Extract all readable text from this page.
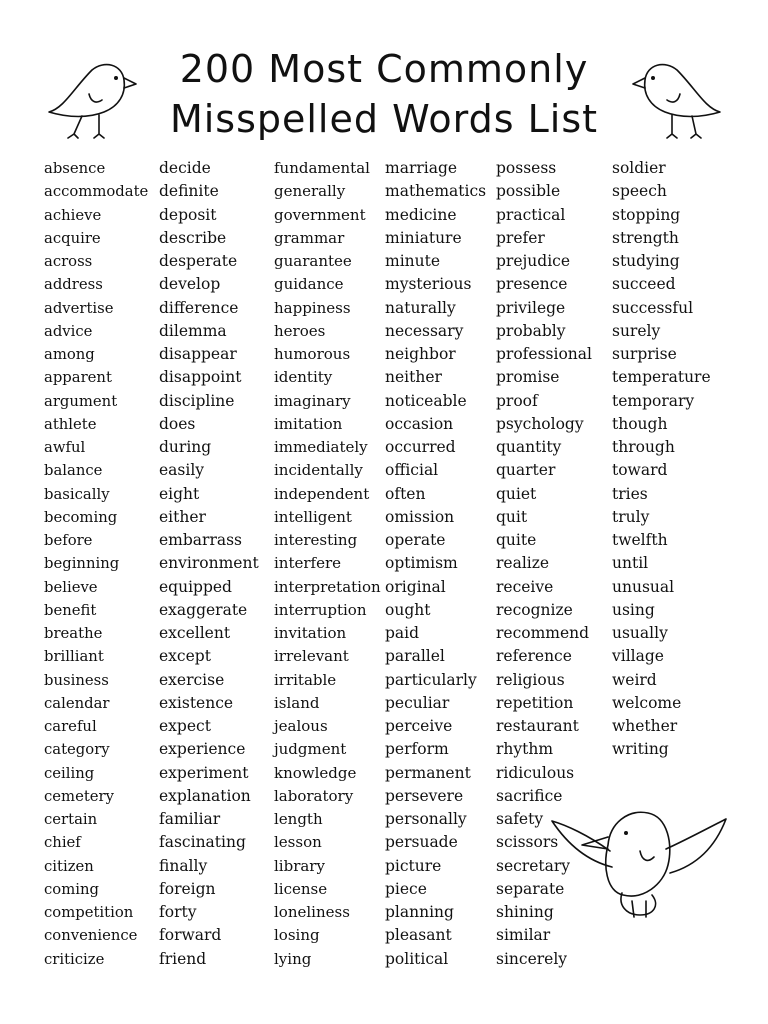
200 Most Commonly
Misspelled Words List
absence
accommodate
achieve
acquire
across
address
advertise
advice
among
apparent
argument
athlete
awful
balance
basically
becoming
before
beginning
believe
benefit
breathe
brilliant
business
calendar
careful
category
ceiling
cemetery
certain
chief
citizen
coming
competition
convenience
criticize
decide
definite
deposit
describe
desperate
develop
difference
dilemma
disappear
disappoint
discipline
does
during
easily
eight
either
embarrass
environment
equipped
exaggerate
excellent
except
exercise
existence
expect
experience
experiment
explanation
familiar
fascinating
finally
foreign
forty
forward
friend
fundamental
generally
government
grammar
guarantee
guidance
happiness
heroes
humorous
identity
imaginary
imitation
immediately
incidentally
independent
intelligent
interesting
interfere
interpretation
interruption
invitation
irrelevant
irritable
island
jealous
judgment
knowledge
laboratory
length
lesson
library
license
loneliness
losing
lying
marriage
mathematics
medicine
miniature
minute
mysterious
naturally
necessary
neighbor
neither
noticeable
occasion
occurred
official
often
omission
operate
optimism
original
ought
paid
parallel
particularly
peculiar
perceive
perform
permanent
persevere
personally
persuade
picture
piece
planning
pleasant
political
possess
possible
practical
prefer
prejudice
presence
privilege
probably
professional
promise
proof
psychology
quantity
quarter
quiet
quit
quite
realize
receive
recognize
recommend
reference
religious
repetition
restaurant
rhythm
ridiculous
sacrifice
safety
scissors
secretary
separate
shining
similar
sincerely
soldier
speech
stopping
strength
studying
succeed
successful
surely
surprise
temperature
temporary
though
through
toward
tries
truly
twelfth
until
unusual
using
usually
village
weird
welcome
whether
writing
